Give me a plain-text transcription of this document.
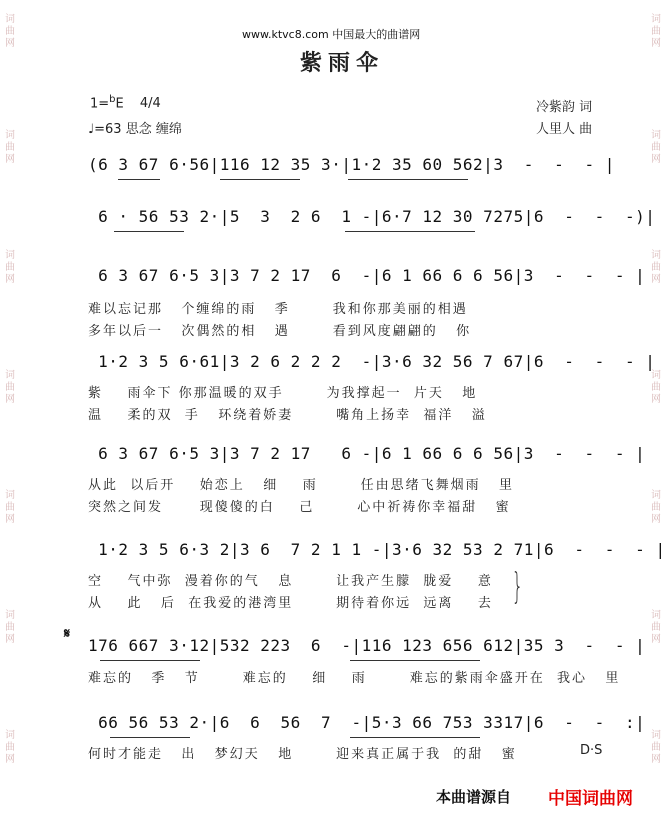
词
曲
网
词
曲
网
词
曲
网
词
曲
网
词
曲
网
词
曲
网
词
曲
网
词
曲
网
词
曲
网
词
曲
网
词
曲
网
词
曲
网
词
曲
网
词
曲
网
www.ktvc8.com 中国最大的曲谱网
紫雨伞
1=$^b$E 4/4
♩=63 思念 缠绵
冷紫韵 词
人里人 曲
(6 3 67 6·56|116 12 35 3·|1·2 35 60 562|3  -  -  - |
6 · 56 53 2·|5  3  2 6  1 -|6·7 12 30 7275|6  -  -  -)|
6 3 67 6·5 3|3 7 2 17  6  -|6 1 66 6 6 56|3  -  -  - |
难以忘记那   个缠绵的雨   季       我和你那美丽的相遇
多年以后一   次偶然的相   遇       看到风度翩翩的   你
1·2 3 5 6·61|3 2 6 2 2 2  -|3·6 32 56 7 67|6  -  -  - |
紫    雨伞下 你那温暖的双手       为我撑起一  片天   地
温    柔的双  手   环绕着娇妻       嘴角上扬幸  福洋   溢
6 3 67 6·5 3|3 7 2 17   6 -|6 1 66 6 6 56|3  -  -  - |
从此  以后开    始恋上   细    雨       任由思绪飞舞烟雨   里
突然之间发      现傻傻的白    己       心中祈祷你幸福甜   蜜
1·2 3 5 6·3 2|3 6  7 2 1 1 -|3·6 32 53 2 71|6  -  -  - |
空    气中弥  漫着你的气   息       让我产生朦  胧爱    意
从    此   后  在我爱的港湾里       期待着你远  远离    去 }
𝄋
176 667 3·12|532 223  6  -|116 123 656 612|35 3  -  - |
难忘的   季   节       难忘的    细    雨       难忘的紫雨伞盛开在  我心   里
66 56 53 2·|6  6  56  7  -|5·3 66 753 3317|6  -  -  :|
何时才能走   出   梦幻天   地       迎来真正属于我  的甜   蜜	D·S
本曲谱源自 中国词曲网
